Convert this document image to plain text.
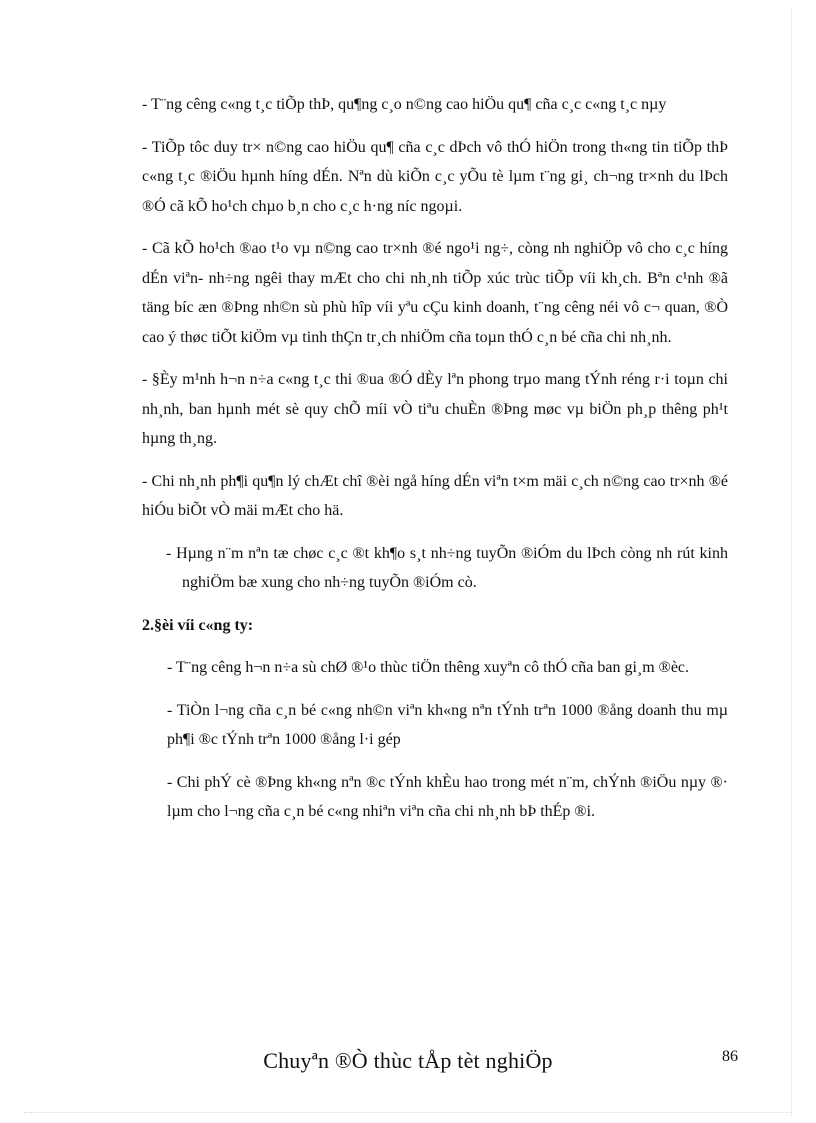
- T¨ng cêng c«ng t¸c tiÕp thÞ, qu¶ng c¸o n©ng cao hiÖu qu¶ cña c¸c c«ng t¸c nµy

- TiÕp tôc duy tr× n©ng cao hiÖu qu¶ cña c¸c dÞch vô thÓ hiÖn trong th«ng tin tiÕp thÞ c«ng t¸c ®iÖu hµnh híng dÉn. Nªn dù kiÕn c¸c yÕu tè lµm t¨ng gi¸ ch¬ng tr×nh du lÞch ®Ó cã kÕ ho¹ch chµo b¸n cho c¸c h·ng níc ngoµi.

- Cã kÕ ho¹ch ®ao t¹o vµ n©ng cao tr×nh ®é ngo¹i ng÷, còng nh nghiÖp vô cho c¸c híng dÉn viªn- nh÷ng ngêi thay mÆt cho chi nh¸nh tiÕp xúc trùc tiÕp víi kh¸ch. Bªn c¹nh ®ã täng bíc æn ®Þng nh©n sù phù hîp víi yªu cÇu kinh doanh, t¨ng cêng néi vô c¬ quan, ®Ò cao ý thøc tiÕt kiÖm vµ tinh thÇn tr¸ch nhiÖm cña toµn thÓ c¸n bé cña chi nh¸nh.

- §Èy m¹nh h¬n n÷a c«ng t¸c thi ®ua ®Ó dÈy lªn phong trµo mang tÝnh réng r·i toµn chi nh¸nh, ban hµnh mét sè quy chÕ míi vÒ tiªu chuÈn ®Þng møc vµ biÖn ph¸p thêng ph¹t hµng th¸ng.

- Chi nh¸nh ph¶i qu¶n lý chÆt chî ®èi ngå híng dÉn viªn t×m mäi c¸ch n©ng cao tr×nh ®é hiÓu biÕt vÒ mäi mÆt cho hä.

- Hµng n¨m nªn tæ chøc c¸c ®t kh¶o s¸t nh÷ng tuyÕn ®iÓm du lÞch còng nh rút kinh nghiÖm bæ xung cho nh÷ng tuyÕn ®iÓm cò.

2.§èi víi c«ng ty:

- T¨ng cêng h¬n n÷a sù chØ ®¹o thùc tiÖn thêng xuyªn cô thÓ cña ban gi¸m ®èc.

- TiÒn l¬ng cña c¸n bé c«ng nh©n viªn kh«ng nªn tÝnh trªn 1000 ®ång doanh thu mµ ph¶i ®c tÝnh trªn 1000 ®ång l·i gép

- Chi phÝ cè ®Þng kh«ng nªn ®c tÝnh khÈu hao trong mét n¨m, chÝnh ®iÖu nµy ®· lµm cho l¬ng cña c¸n bé c«ng nhiªn viªn cña chi nh¸nh bÞ thÉp ®i.

Chuyªn ®Ò thùc tÅp tèt nghiÖp	86
